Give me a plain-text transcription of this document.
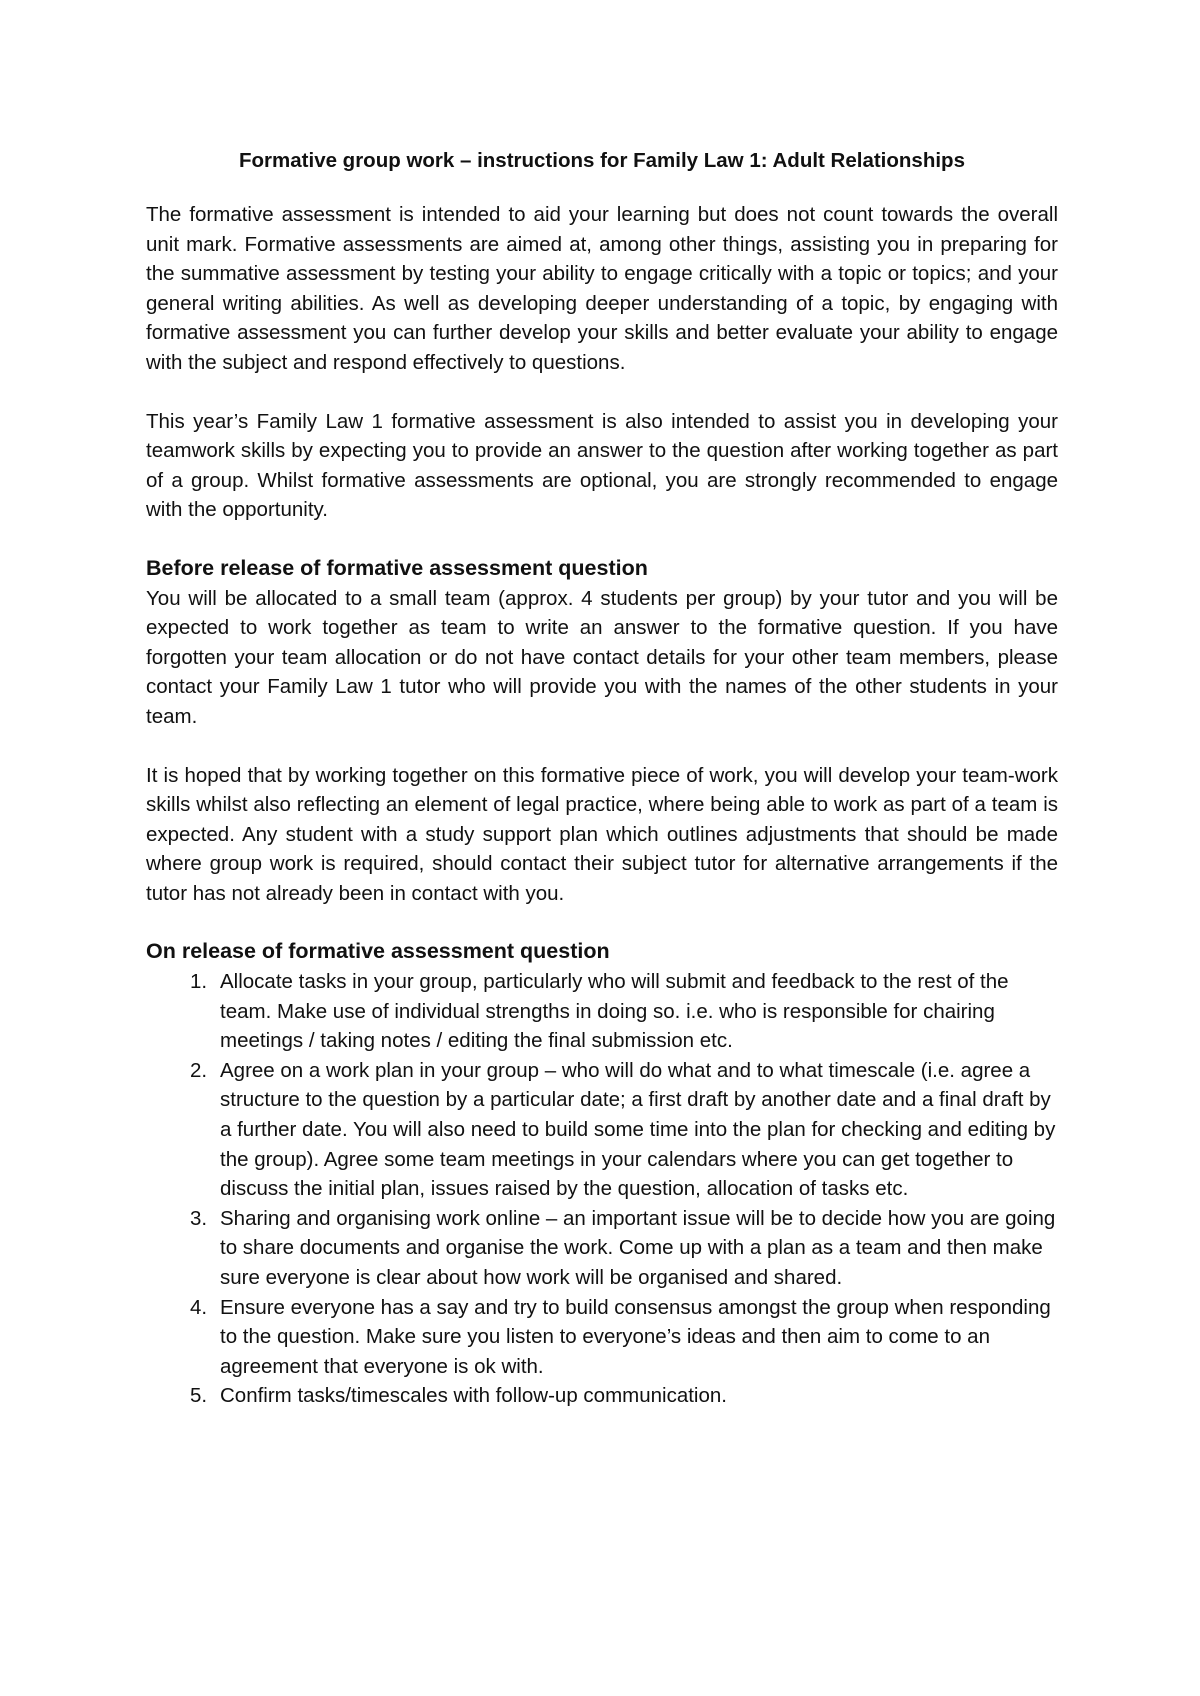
Formative group work – instructions for Family Law 1: Adult Relationships

The formative assessment is intended to aid your learning but does not count towards the overall unit mark. Formative assessments are aimed at, among other things, assisting you in preparing for the summative assessment by testing your ability to engage critically with a topic or topics; and your general writing abilities. As well as developing deeper understanding of a topic, by engaging with formative assessment you can further develop your skills and better evaluate your ability to engage with the subject and respond effectively to questions.

This year’s Family Law 1 formative assessment is also intended to assist you in developing your teamwork skills by expecting you to provide an answer to the question after working together as part of a group. Whilst formative assessments are optional, you are strongly recommended to engage with the opportunity.

Before release of formative assessment question

You will be allocated to a small team (approx. 4 students per group) by your tutor and you will be expected to work together as team to write an answer to the formative question. If you have forgotten your team allocation or do not have contact details for your other team members, please contact your Family Law 1 tutor who will provide you with the names of the other students in your team.

It is hoped that by working together on this formative piece of work, you will develop your team-work skills whilst also reflecting an element of legal practice, where being able to work as part of a team is expected. Any student with a study support plan which outlines adjustments that should be made where group work is required, should contact their subject tutor for alternative arrangements if the tutor has not already been in contact with you.

On release of formative assessment question
1. Allocate tasks in your group, particularly who will submit and feedback to the rest of the team. Make use of individual strengths in doing so. i.e. who is responsible for chairing meetings / taking notes / editing the final submission etc.
2. Agree on a work plan in your group – who will do what and to what timescale (i.e. agree a structure to the question by a particular date; a first draft by another date and a final draft by a further date. You will also need to build some time into the plan for checking and editing by the group). Agree some team meetings in your calendars where you can get together to discuss the initial plan, issues raised by the question, allocation of tasks etc.
3. Sharing and organising work online – an important issue will be to decide how you are going to share documents and organise the work. Come up with a plan as a team and then make sure everyone is clear about how work will be organised and shared.
4. Ensure everyone has a say and try to build consensus amongst the group when responding to the question. Make sure you listen to everyone’s ideas and then aim to come to an agreement that everyone is ok with.
5. Confirm tasks/timescales with follow-up communication.
